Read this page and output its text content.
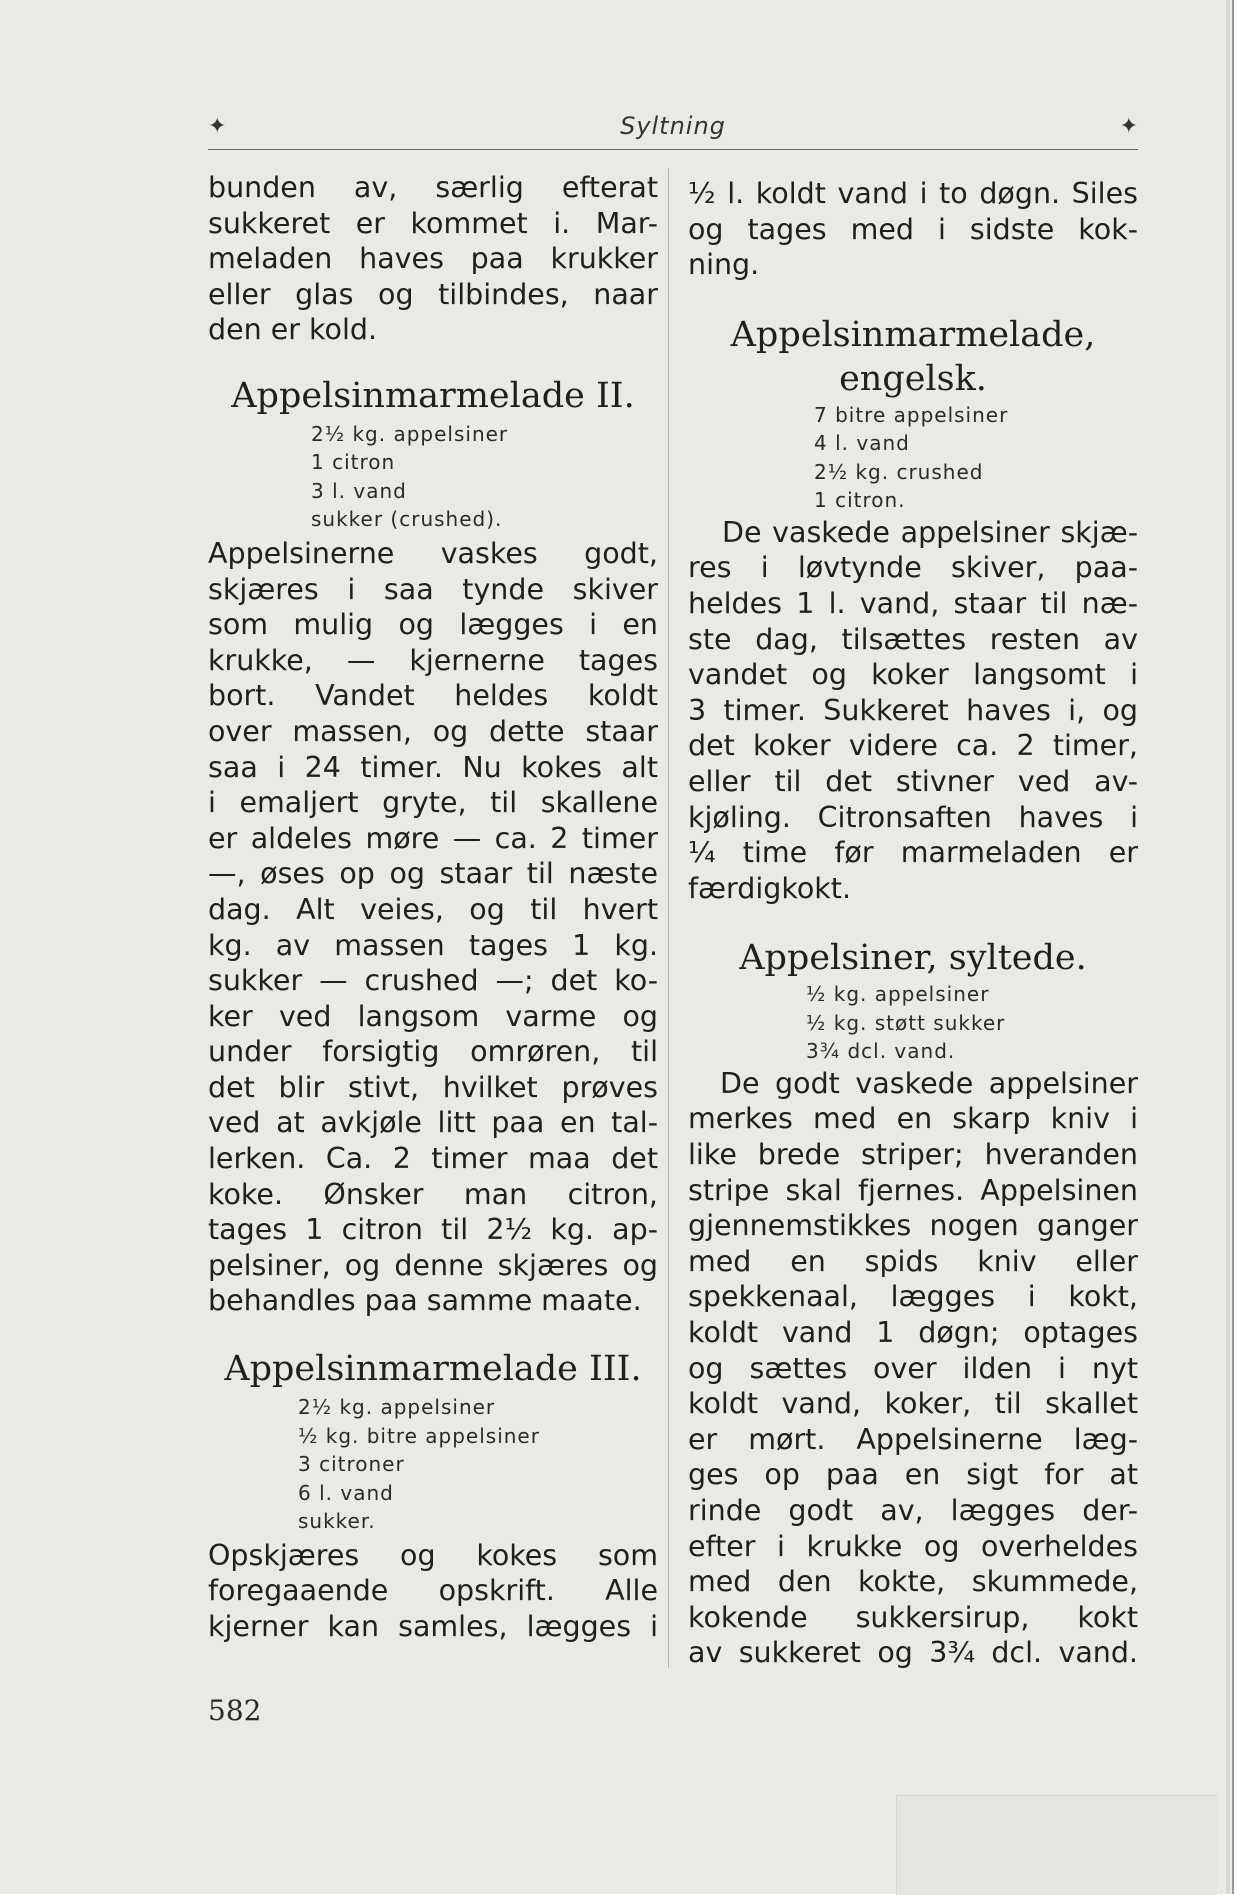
✦	Syltning	✦
bunden av, særlig efterat
sukkeret er kommet i. Mar-
meladen haves paa krukker
eller glas og tilbindes, naar
den er kold.
Appelsinmarmelade II.
2½ kg. appelsiner
1 citron
3 l. vand
sukker (crushed).
Appelsinerne vaskes godt,
skjæres i saa tynde skiver
som mulig og lægges i en
krukke, — kjernerne tages
bort. Vandet heldes koldt
over massen, og dette staar
saa i 24 timer. Nu kokes alt
i emaljert gryte, til skallene
er aldeles møre — ca. 2 timer
—, øses op og staar til næste
dag. Alt veies, og til hvert
kg. av massen tages 1 kg.
sukker — crushed —; det ko-
ker ved langsom varme og
under forsigtig omrøren, til
det blir stivt, hvilket prøves
ved at avkjøle litt paa en tal-
lerken. Ca. 2 timer maa det
koke. Ønsker man citron,
tages 1 citron til 2½ kg. ap-
pelsiner, og denne skjæres og
behandles paa samme maate.
Appelsinmarmelade III.
2½ kg. appelsiner
½ kg. bitre appelsiner
3 citroner
6 l. vand
sukker.
Opskjæres og kokes som
foregaaende opskrift. Alle
kjerner kan samles, lægges i
582
½ l. koldt vand i to døgn. Siles
og tages med i sidste kok-
ning.
Appelsinmarmelade,
engelsk.
7 bitre appelsiner
4 l. vand
2½ kg. crushed
1 citron.
De vaskede appelsiner skjæ-
res i løvtynde skiver, paa-
heldes 1 l. vand, staar til næ-
ste dag, tilsættes resten av
vandet og koker langsomt i
3 timer. Sukkeret haves i, og
det koker videre ca. 2 timer,
eller til det stivner ved av-
kjøling. Citronsaften haves i
¼ time før marmeladen er
færdigkokt.
Appelsiner, syltede.
½ kg. appelsiner
½ kg. støtt sukker
3¾ dcl. vand.
De godt vaskede appelsiner
merkes med en skarp kniv i
like brede striper; hveranden
stripe skal fjernes. Appelsinen
gjennemstikkes nogen ganger
med en spids kniv eller
spekkenaal, lægges i kokt,
koldt vand 1 døgn; optages
og sættes over ilden i nyt
koldt vand, koker, til skallet
er mørt. Appelsinerne læg-
ges op paa en sigt for at
rinde godt av, lægges der-
efter i krukke og overheldes
med den kokte, skummede,
kokende sukkersirup, kokt
av sukkeret og 3¾ dcl. vand.
